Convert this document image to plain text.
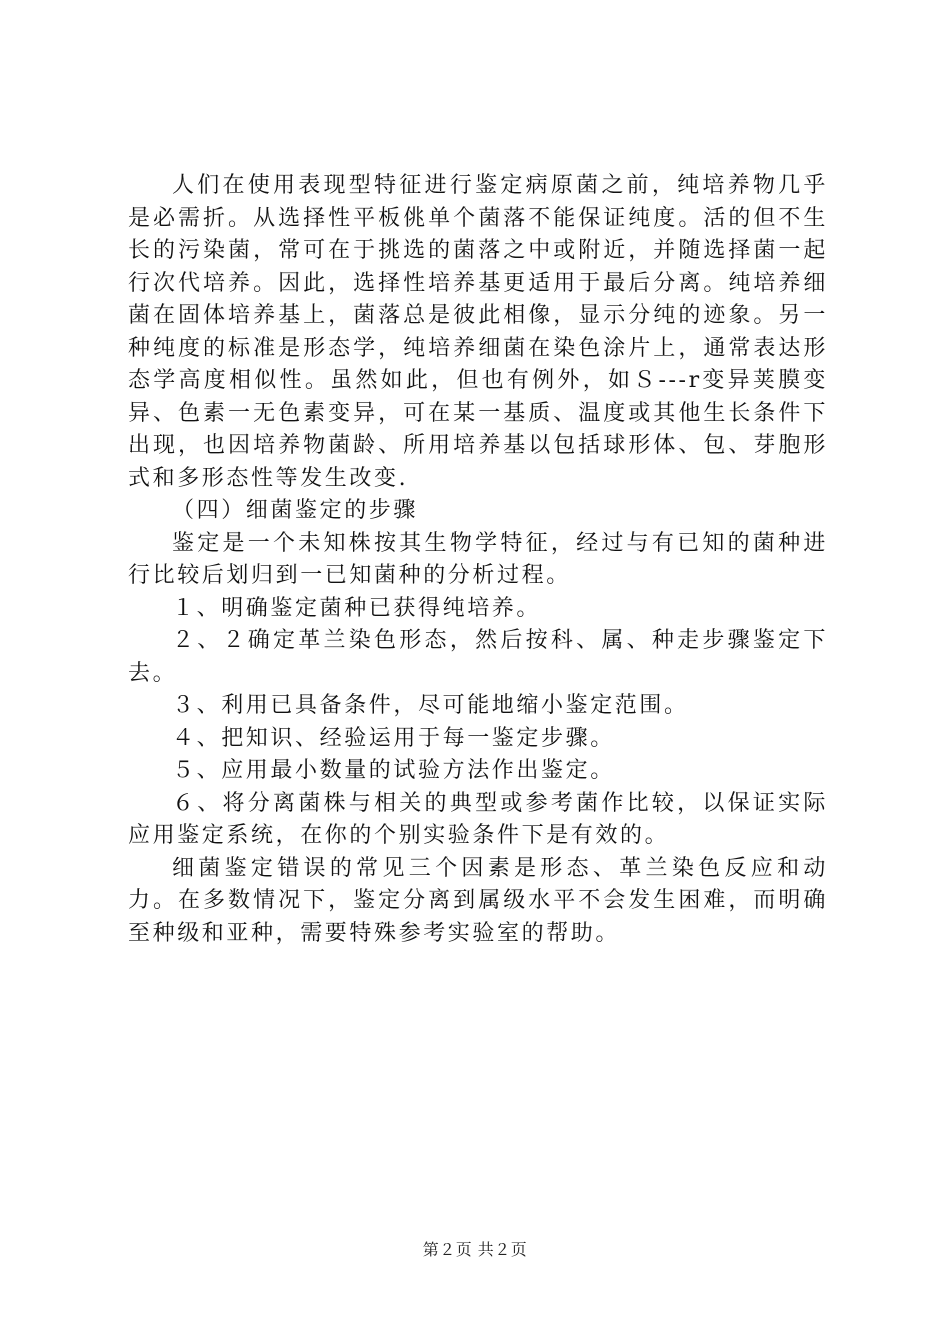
人们在使用表现型特征进行鉴定病原菌之前，纯培养物几乎是必需折。从选择性平板佻单个菌落不能保证纯度。活的但不生长的污染菌，常可在于挑选的菌落之中或附近，并随选择菌一起行次代培养。因此，选择性培养基更适用于最后分离。纯培养细菌在固体培养基上，菌落总是彼此相像，显示分纯的迹象。另一种纯度的标准是形态学，纯培养细菌在染色涂片上，通常表达形态学高度相似性。虽然如此，但也有例外，如Ｓ---r变异荚膜变异、色素一无色素变异，可在某一基质、温度或其他生长条件下出现，也因培养物菌龄、所用培养基以包括球形体、包、芽胞形式和多形态性等发生改变.

（四）细菌鉴定的步骤

鉴定是一个未知株按其生物学特征，经过与有已知的菌种进行比较后划归到一已知菌种的分析过程。

１、明确鉴定菌种已获得纯培养。

２、２确定革兰染色形态，然后按科、属、种走步骤鉴定下去。

３、利用已具备条件，尽可能地缩小鉴定范围。

４、把知识、经验运用于每一鉴定步骤。

５、应用最小数量的试验方法作出鉴定。

６、将分离菌株与相关的典型或参考菌作比较，以保证实际应用鉴定系统，在你的个别实验条件下是有效的。

细菌鉴定错误的常见三个因素是形态、革兰染色反应和动力。在多数情况下，鉴定分离到属级水平不会发生困难，而明确至种级和亚种，需要特殊参考实验室的帮助。

第２页 共２页
